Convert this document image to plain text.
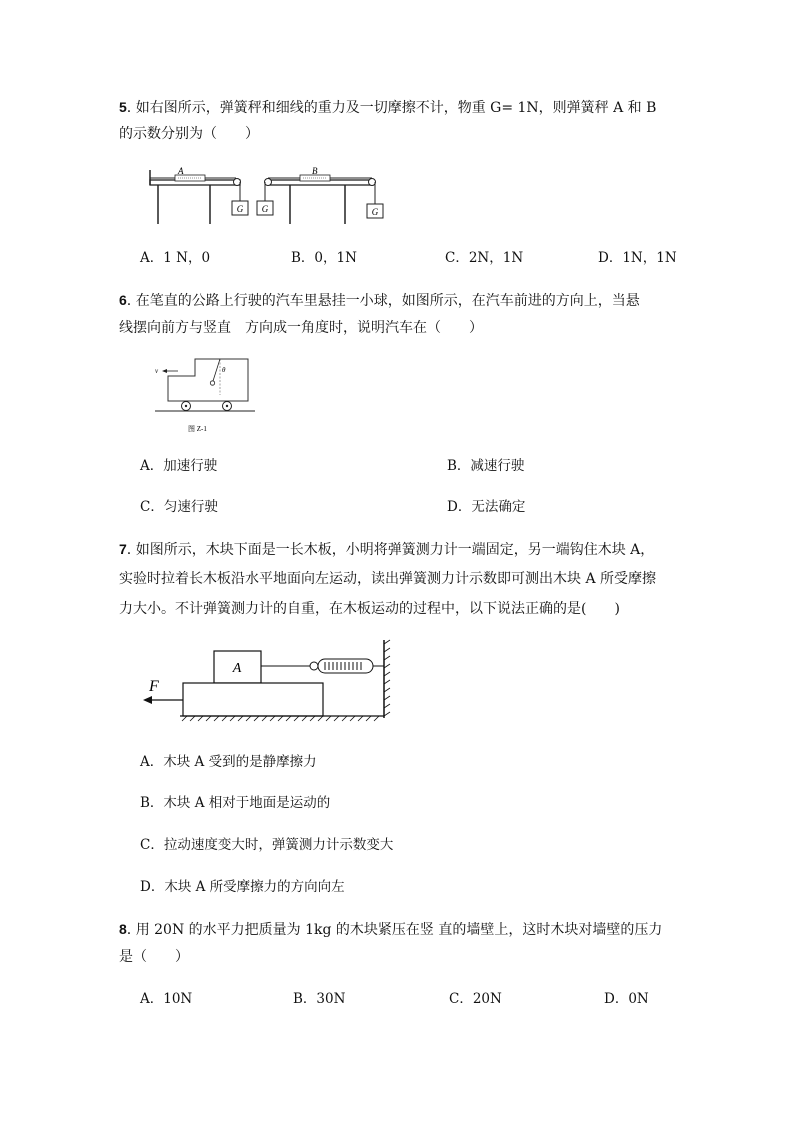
5. 如右图所示，弹簧秤和细线的重力及一切摩擦不计，物重 G= 1N，则弹簧秤 A 和 B
的示数分别为（　　）
A
G G
B
G
A．1 N，0	B．0，1N	C．2N，1N	D．1N，1N
6. 在笔直的公路上行驶的汽车里悬挂一小球，如图所示，在汽车前进的方向上，当悬
线摆向前方与竖直　方向成一角度时，说明汽车在（　　）
θ
v
图 Z-1
A．加速行驶	B．减速行驶
C．匀速行驶	D．无法确定
7. 如图所示，木块下面是一长木板，小明将弹簧测力计一端固定，另一端钩住木块 A，
实验时拉着长木板沿水平地面向左运动，读出弹簧测力计示数即可测出木块 A 所受摩擦
力大小。不计弹簧测力计的自重，在木板运动的过程中，以下说法正确的是(　　)
A
F
A．木块 A 受到的是静摩擦力
B．木块 A 相对于地面是运动的
C．拉动速度变大时，弹簧测力计示数变大
D．木块 A 所受摩擦力的方向向左
8. 用 20N 的水平力把质量为 1kg 的木块紧压在竖 直的墙壁上，这时木块对墙壁的压力
是（　　）
A．10N	B．30N	C．20N	D．0N
